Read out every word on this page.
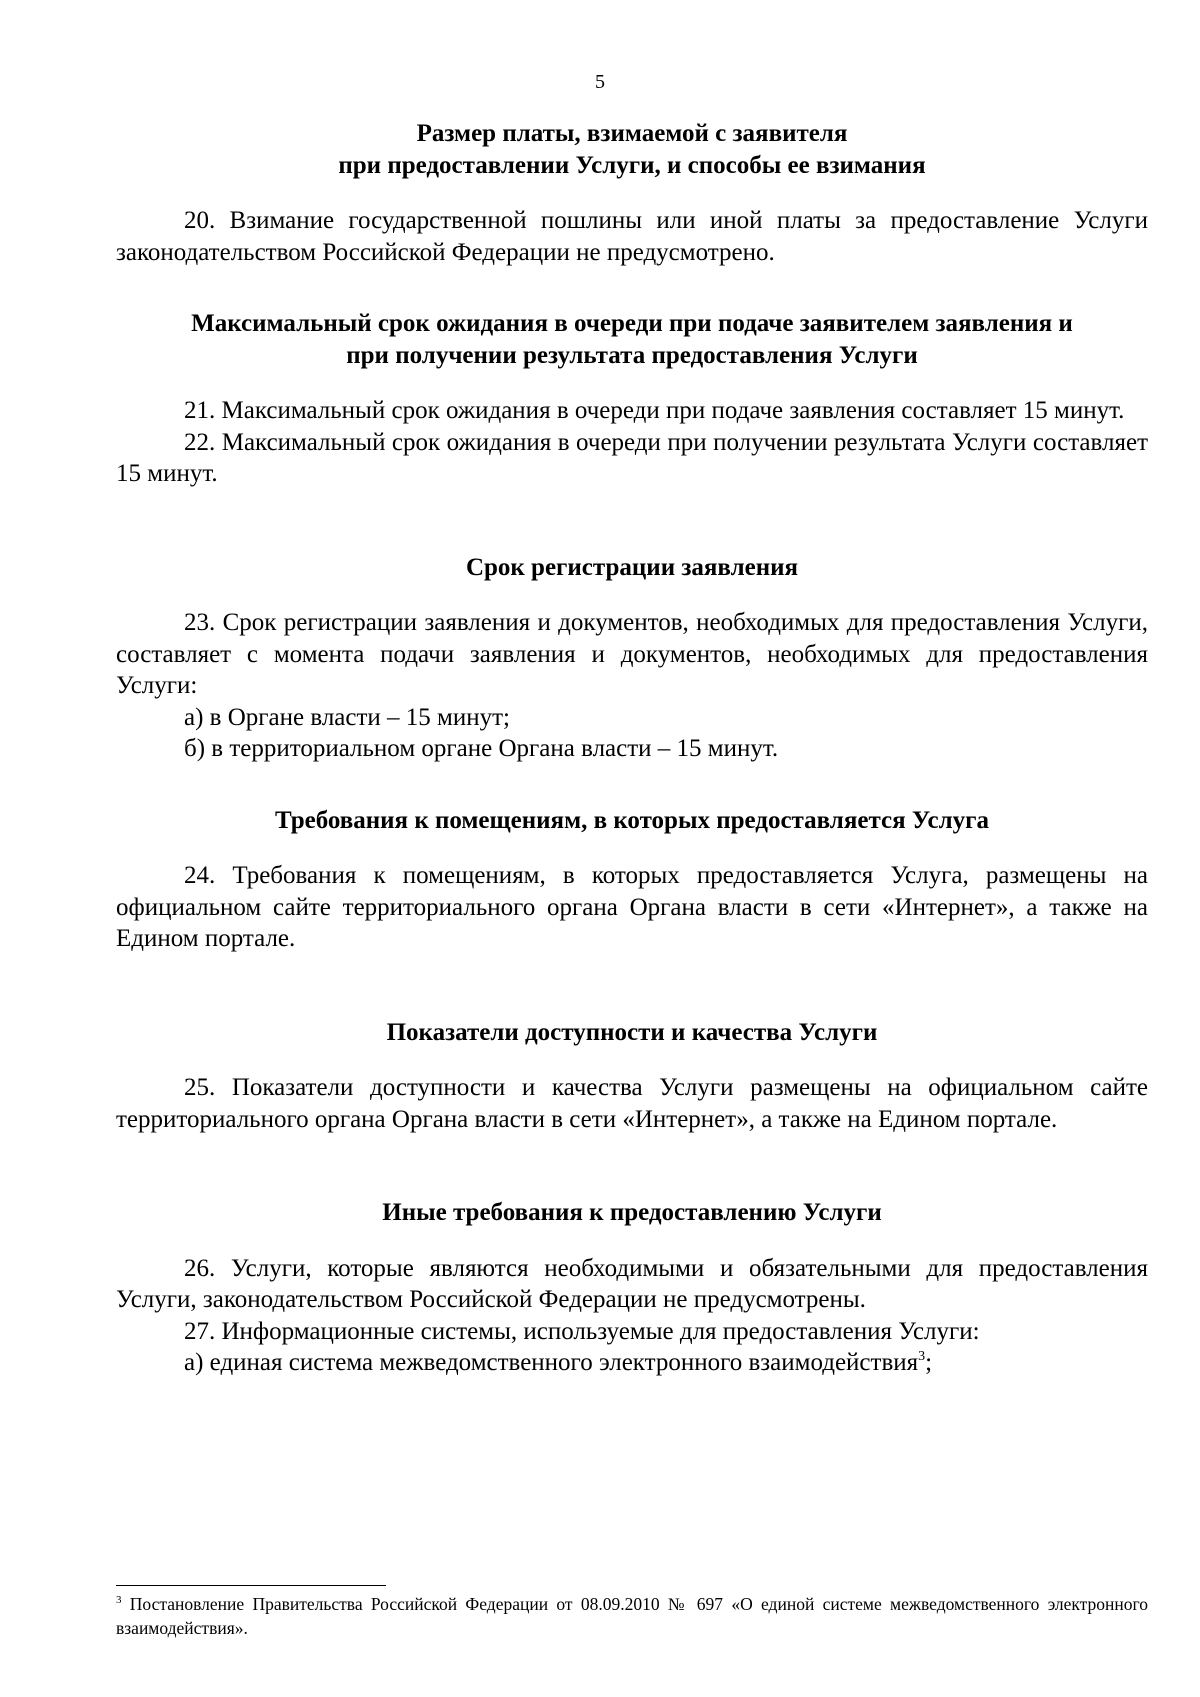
5

Размер платы, взимаемой с заявителя

при предоставлении Услуги, и способы ее взимания

20. Взимание государственной пошлины или иной платы за предоставление Услуги законодательством Российской Федерации не предусмотрено.

Максимальный срок ожидания в очереди при подаче заявителем заявления и

при получении результата предоставления Услуги

21. Максимальный срок ожидания в очереди при подаче заявления составляет 15 минут.

22. Максимальный срок ожидания в очереди при получении результата Услуги составляет 15 минут.

Срок регистрации заявления

23. Срок регистрации заявления и документов, необходимых для предоставления Услуги, составляет с момента подачи заявления и документов, необходимых для предоставления Услуги:

а) в Органе власти – 15 минут;

б) в территориальном органе Органа власти – 15 минут.

Требования к помещениям, в которых предоставляется Услуга

24. Требования к помещениям, в которых предоставляется Услуга, размещены на официальном сайте территориального органа Органа власти в сети «Интернет», а также на Едином портале.

Показатели доступности и качества Услуги

25. Показатели доступности и качества Услуги размещены на официальном сайте территориального органа Органа власти в сети «Интернет», а также на Едином портале.

Иные требования к предоставлению Услуги

26. Услуги, которые являются необходимыми и обязательными для предоставления Услуги, законодательством Российской Федерации не предусмотрены.

27. Информационные системы, используемые для предоставления Услуги:

а) единая система межведомственного электронного взаимодействия$^3$;

$^3$ Постановление Правительства Российской Федерации от 08.09.2010 № 697 «О единой системе межведомственного электронного взаимодействия».
